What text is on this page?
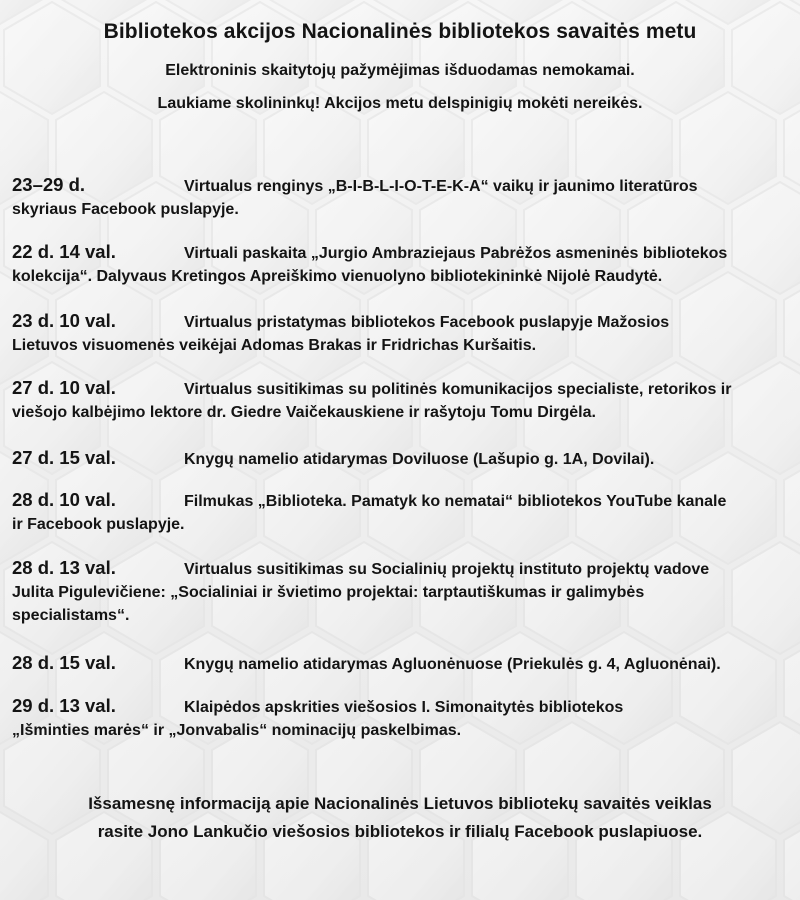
Bibliotekos akcijos Nacionalinės bibliotekos savaitės metu
Elektroninis skaitytojų pažymėjimas išduodamas nemokamai.
Laukiame skolininkų! Akcijos metu delspinigių mokėti nereikės.
23–29 d.	Virtualus renginys „B-I-B-L-I-O-T-E-K-A“ vaikų ir jaunimo literatūros
skyriaus Facebook puslapyje.
22 d. 14 val.	Virtuali paskaita „Jurgio Ambraziejaus Pabrėžos asmeninės bibliotekos
kolekcija“. Dalyvaus Kretingos Apreiškimo vienuolyno bibliotekininkė Nijolė Raudytė.
23 d. 10 val.	Virtualus pristatymas bibliotekos Facebook puslapyje Mažosios
Lietuvos visuomenės veikėjai Adomas Brakas ir Fridrichas Kuršaitis.
27 d. 10 val.	Virtualus susitikimas su politinės komunikacijos specialiste, retorikos ir
viešojo kalbėjimo lektore dr. Giedre Vaičekauskiene ir rašytoju Tomu Dirgėla.
27 d. 15 val.	Knygų namelio atidarymas Doviluose (Lašupio g. 1A, Dovilai).
28 d. 10 val.	Filmukas „Biblioteka. Pamatyk ko nematai“ bibliotekos YouTube kanale
ir Facebook puslapyje.
28 d. 13 val.	Virtualus susitikimas su Socialinių projektų instituto projektų vadove
Julita Pigulevičiene: „Socialiniai ir švietimo projektai: tarptautiškumas ir galimybės
specialistams“.
28 d. 15 val.	Knygų namelio atidarymas Agluonėnuose (Priekulės g. 4, Agluonėnai).
29 d. 13 val.	Klaipėdos apskrities viešosios I. Simonaitytės bibliotekos
„Išminties marės“ ir „Jonvabalis“ nominacijų paskelbimas.
Išsamesnę informaciją apie Nacionalinės Lietuvos bibliotekų savaitės veiklas
rasite Jono Lankučio viešosios bibliotekos ir filialų Facebook puslapiuose.
